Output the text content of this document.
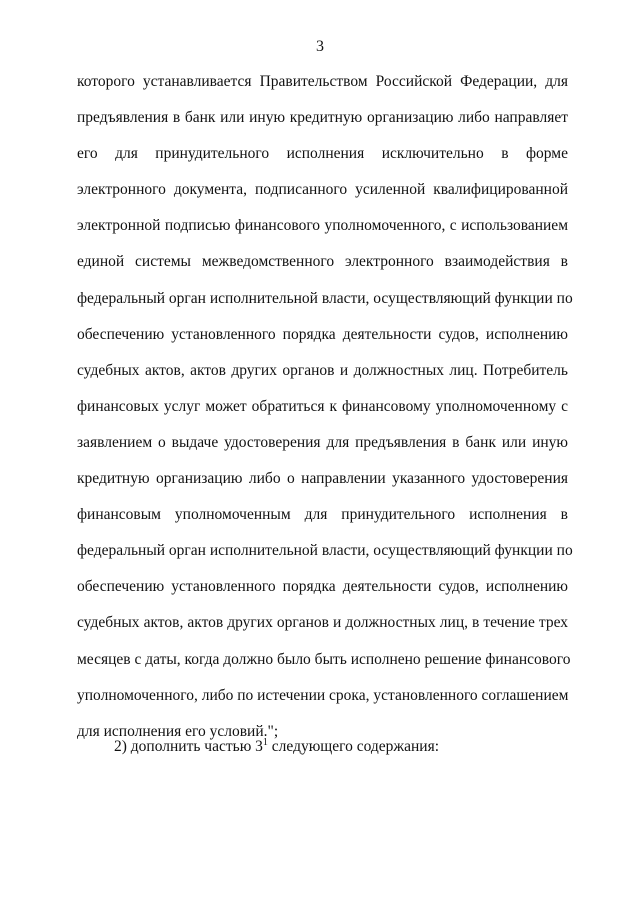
3
которого устанавливается Правительством Российской Федерации, для
предъявления в банк или иную кредитную организацию либо направляет
его для принудительного исполнения исключительно в форме
электронного документа, подписанного усиленной квалифицированной
электронной подписью финансового уполномоченного, с использованием
единой системы межведомственного электронного взаимодействия в
федеральный орган исполнительной власти, осуществляющий функции по
обеспечению установленного порядка деятельности судов, исполнению
судебных актов, актов других органов и должностных лиц. Потребитель
финансовых услуг может обратиться к финансовому уполномоченному с
заявлением о выдаче удостоверения для предъявления в банк или иную
кредитную организацию либо о направлении указанного удостоверения
финансовым уполномоченным для принудительного исполнения в
федеральный орган исполнительной власти, осуществляющий функции по
обеспечению установленного порядка деятельности судов, исполнению
судебных актов, актов других органов и должностных лиц, в течение трех
месяцев с даты, когда должно было быть исполнено решение финансового
уполномоченного, либо по истечении срока, установленного соглашением
для исполнения его условий.";
2) дополнить частью $3^1$ следующего содержания:
